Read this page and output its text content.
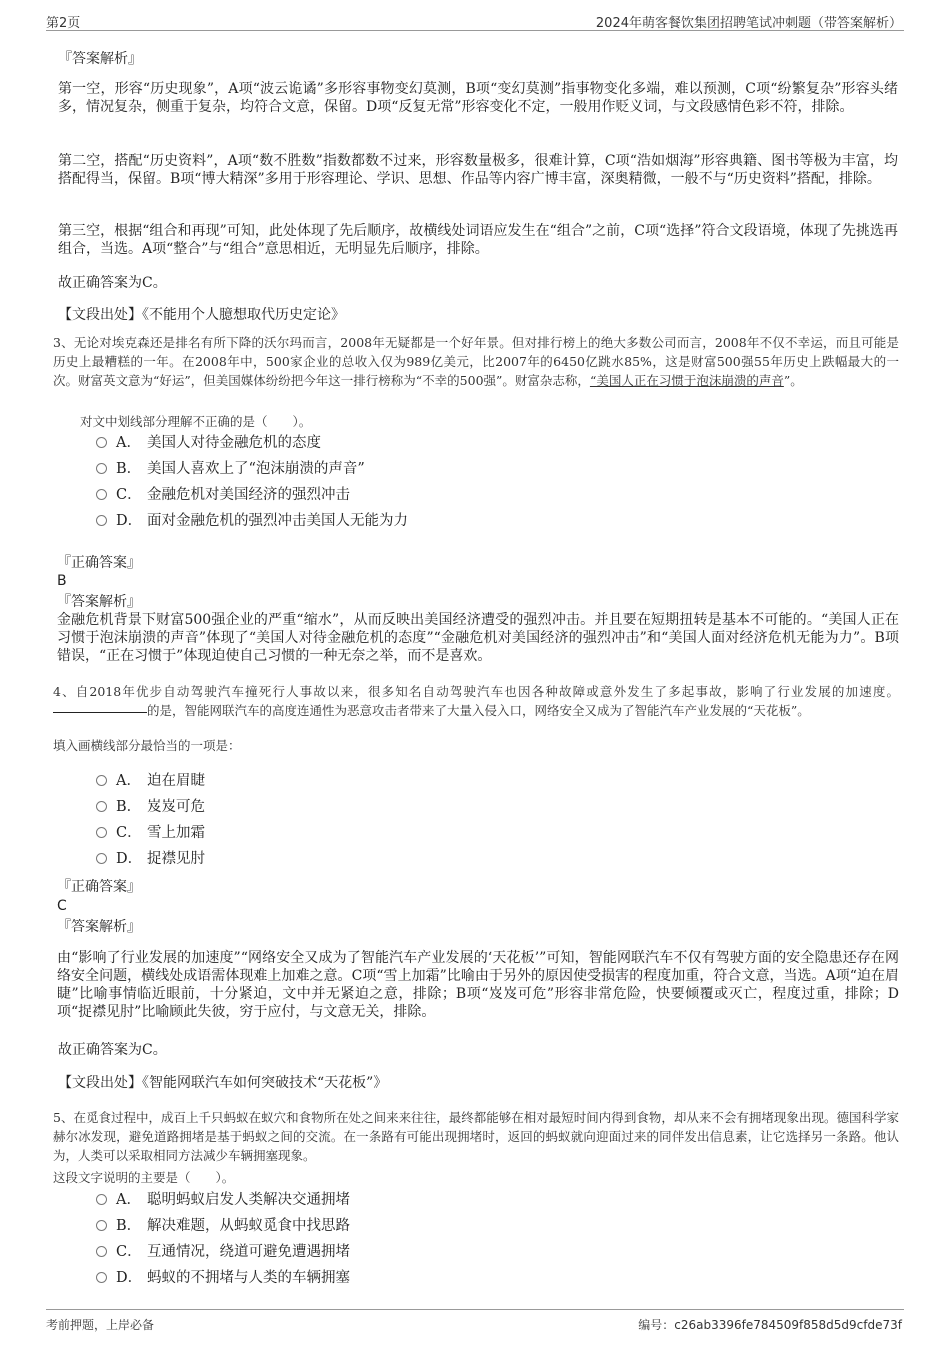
第2页	2024年萌客餐饮集团招聘笔试冲刺题（带答案解析）

『答案解析』

第一空，形容“历史现象”，A项“波云诡谲”多形容事物变幻莫测，B项“变幻莫测”指事物变化多端，难以预测，C项“纷繁复杂”形容头绪多，情况复杂，侧重于复杂，均符合文意，保留。D项“反复无常”形容变化不定，一般用作贬义词，与文段感情色彩不符，排除。

第二空，搭配“历史资料”，A项“数不胜数”指数都数不过来，形容数量极多，很难计算，C项“浩如烟海”形容典籍、图书等极为丰富，均搭配得当，保留。B项“博大精深”多用于形容理论、学识、思想、作品等内容广博丰富，深奥精微，一般不与“历史资料”搭配，排除。

第三空，根据“组合和再现”可知，此处体现了先后顺序，故横线处词语应发生在“组合”之前，C项“选择”符合文段语境，体现了先挑选再组合，当选。A项“整合”与“组合”意思相近，无明显先后顺序，排除。

故正确答案为C。

【文段出处】《不能用个人臆想取代历史定论》

3、无论对埃克森还是排名有所下降的沃尔玛而言，2008年无疑都是一个好年景。但对排行榜上的绝大多数公司而言，2008年不仅不幸运，而且可能是历史上最糟糕的一年。在2008年中，500家企业的总收入仅为989亿美元，比2007年的6450亿跳水85%，这是财富500强55年历史上跌幅最大的一次。财富英文意为“好运”，但美国媒体纷纷把今年这一排行榜称为“不幸的500强”。财富杂志称，“美国人正在习惯于泡沫崩溃的声音”。

对文中划线部分理解不正确的是（　　）。

A． 美国人对待金融危机的态度
B． 美国人喜欢上了“泡沫崩溃的声音”
C． 金融危机对美国经济的强烈冲击
D． 面对金融危机的强烈冲击美国人无能为力

『正确答案』

B

『答案解析』

金融危机背景下财富500强企业的严重“缩水”，从而反映出美国经济遭受的强烈冲击。并且要在短期扭转是基本不可能的。“美国人正在习惯于泡沫崩溃的声音”体现了“美国人对待金融危机的态度”“金融危机对美国经济的强烈冲击”和“美国人面对经济危机无能为力”。B项错误，“正在习惯于”体现迫使自己习惯的一种无奈之举，而不是喜欢。

4、自2018年优步自动驾驶汽车撞死行人事故以来，很多知名自动驾驶汽车也因各种故障或意外发生了多起事故，影响了行业发展的加速度。的是，智能网联汽车的高度连通性为恶意攻击者带来了大量入侵入口，网络安全又成为了智能汽车产业发展的“天花板”。

填入画横线部分最恰当的一项是：

A． 迫在眉睫
B． 岌岌可危
C． 雪上加霜
D． 捉襟见肘

『正确答案』

C

『答案解析』

由“影响了行业发展的加速度”“网络安全又成为了智能汽车产业发展的‘天花板’”可知，智能网联汽车不仅有驾驶方面的安全隐患还存在网络安全问题，横线处成语需体现难上加难之意。C项“雪上加霜”比喻由于另外的原因使受损害的程度加重，符合文意，当选。A项“迫在眉睫”比喻事情临近眼前，十分紧迫，文中并无紧迫之意，排除；B项“岌岌可危”形容非常危险，快要倾覆或灭亡，程度过重，排除；D项“捉襟见肘”比喻顾此失彼，穷于应付，与文意无关，排除。

故正确答案为C。

【文段出处】《智能网联汽车如何突破技术“天花板”》

5、在觅食过程中，成百上千只蚂蚁在蚁穴和食物所在处之间来来往往，最终都能够在相对最短时间内得到食物，却从来不会有拥堵现象出现。德国科学家赫尔冰发现，避免道路拥堵是基于蚂蚁之间的交流。在一条路有可能出现拥堵时，返回的蚂蚁就向迎面过来的同伴发出信息素，让它选择另一条路。他认为，人类可以采取相同方法减少车辆拥塞现象。

这段文字说明的主要是（　　）。

A． 聪明蚂蚁启发人类解决交通拥堵
B． 解决难题，从蚂蚁觅食中找思路
C． 互通情况，绕道可避免遭遇拥堵
D． 蚂蚁的不拥堵与人类的车辆拥塞
考前押题，上岸必备	编号：c26ab3396fe784509f858d5d9cfde73f
